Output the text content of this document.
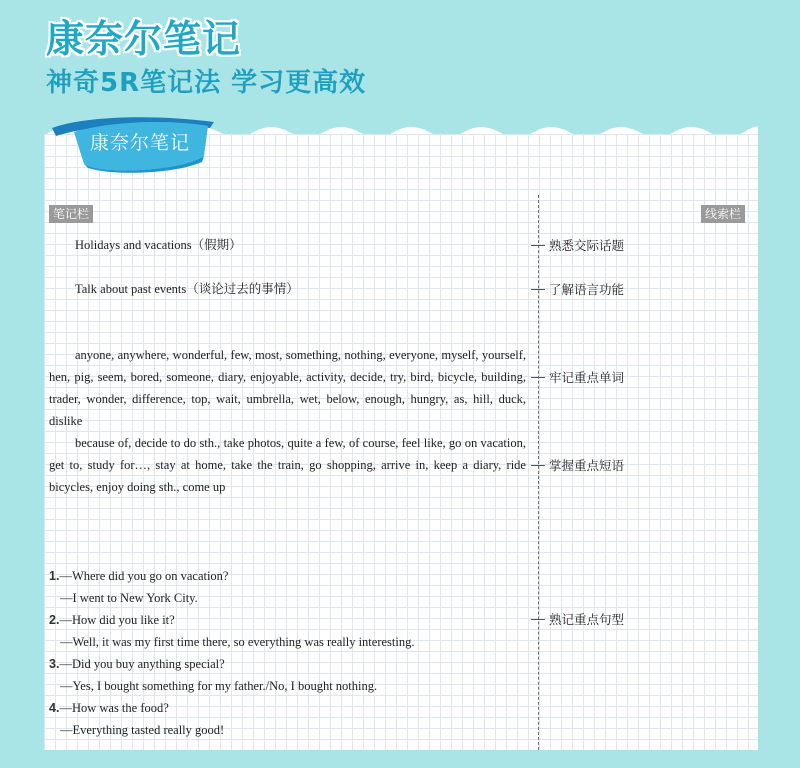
康奈尔笔记
神奇5R笔记法 学习更高效
康奈尔笔记
笔记栏	线索栏
Holidays and vacations（假期）
Talk about past events（谈论过去的事情）
anyone, anywhere, wonderful, few, most, something, nothing, everyone, myself, yourself, hen, pig, seem, bored, someone, diary, enjoyable, activity, decide, try, bird, bicycle, building, trader, wonder, difference, top, wait, umbrella, wet, below, enough, hungry, as, hill, duck, dislike
because of, decide to do sth., take photos, quite a few, of course, feel like, go on vacation, get to, study for…, stay at home, take the train, go shopping, arrive in, keep a diary, ride bicycles, enjoy doing sth., come up
1.—Where did you go on vacation?
—I went to New York City.
2.—How did you like it?
—Well, it was my first time there, so everything was really interesting.
3.—Did you buy anything special?
—Yes, I bought something for my father./No, I bought nothing.
4.—How was the food?
—Everything tasted really good!
熟悉交际话题
了解语言功能
牢记重点单词
掌握重点短语
熟记重点句型
